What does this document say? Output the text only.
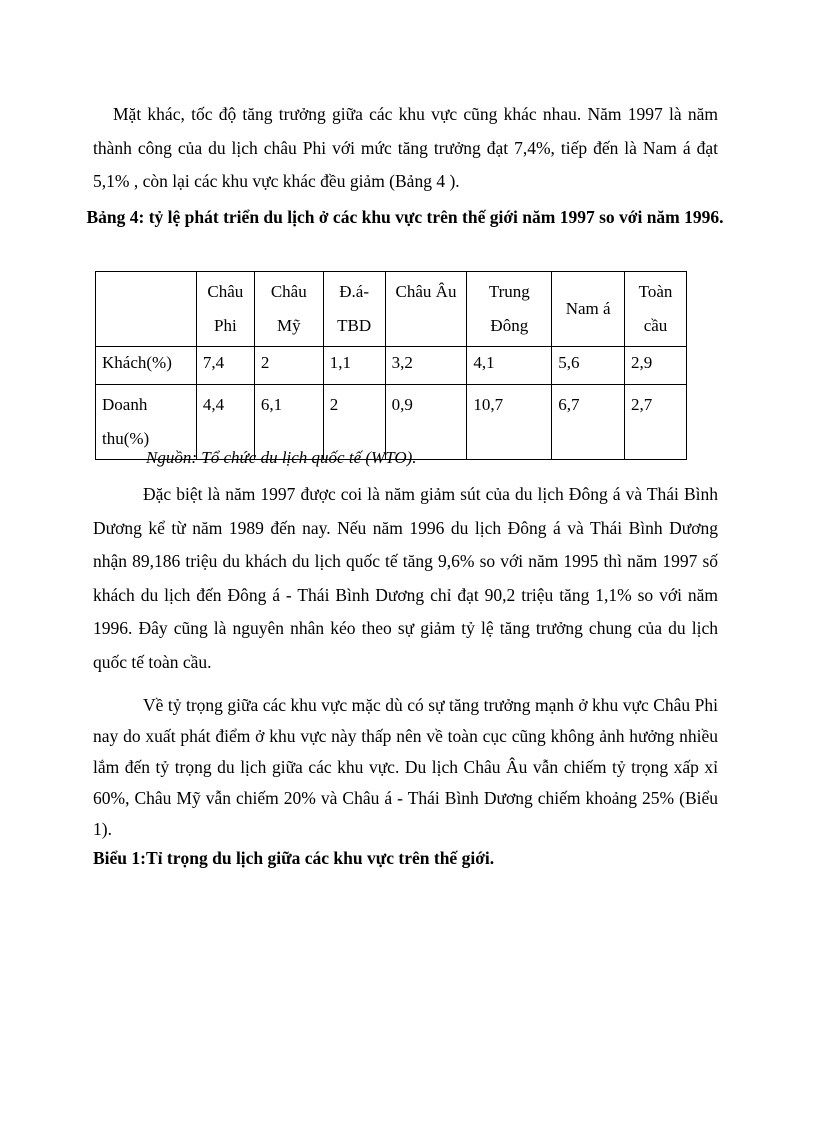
Mặt khác, tốc độ tăng trưởng giữa các khu vực cũng khác nhau. Năm 1997 là năm thành công của du lịch châu Phi với mức tăng trưởng đạt 7,4%, tiếp đến là Nam á đạt 5,1% , còn lại các khu vực khác đều giảm (Bảng 4 ).

Bảng 4: tỷ lệ phát triển du lịch ở các khu vực trên thế giới năm 1997 so với năm 1996.

	Châu Phi	Châu Mỹ	Đ.á-TBD	Châu Âu	Trung Đông	Nam á	Toàn cầu
Khách(%)	7,4	2	1,1	3,2	4,1	5,6	2,9
Doanh thu(%)	4,4	6,1	2	0,9	10,7	6,7	2,7

Nguồn: Tổ chức du lịch quốc tế (WTO).

Đặc biệt là năm 1997 được coi là năm giảm sút của du lịch Đông á và Thái Bình Dương kể từ năm 1989 đến nay. Nếu năm 1996 du lịch Đông á và Thái Bình Dương nhận 89,186 triệu du khách du lịch quốc tế tăng 9,6% so với năm 1995 thì năm 1997 số khách du lịch đến Đông á - Thái Bình Dương chỉ đạt 90,2 triệu tăng 1,1% so với năm 1996. Đây cũng là nguyên nhân kéo theo sự giảm tỷ lệ tăng trưởng chung của du lịch quốc tế toàn cầu.

Về tỷ trọng giữa các khu vực mặc dù có sự tăng trưởng mạnh ở khu vực Châu Phi nay do xuất phát điểm ở khu vực này thấp nên về toàn cục cũng không ảnh hưởng nhiều lắm đến tỷ trọng du lịch giữa các khu vực. Du lịch Châu Âu vẫn chiếm tỷ trọng xấp xỉ 60%, Châu Mỹ vẫn chiếm 20% và Châu á - Thái Bình Dương chiếm khoảng 25% (Biểu 1).

Biểu 1:Tỉ trọng du lịch giữa các khu vực trên thế giới.
